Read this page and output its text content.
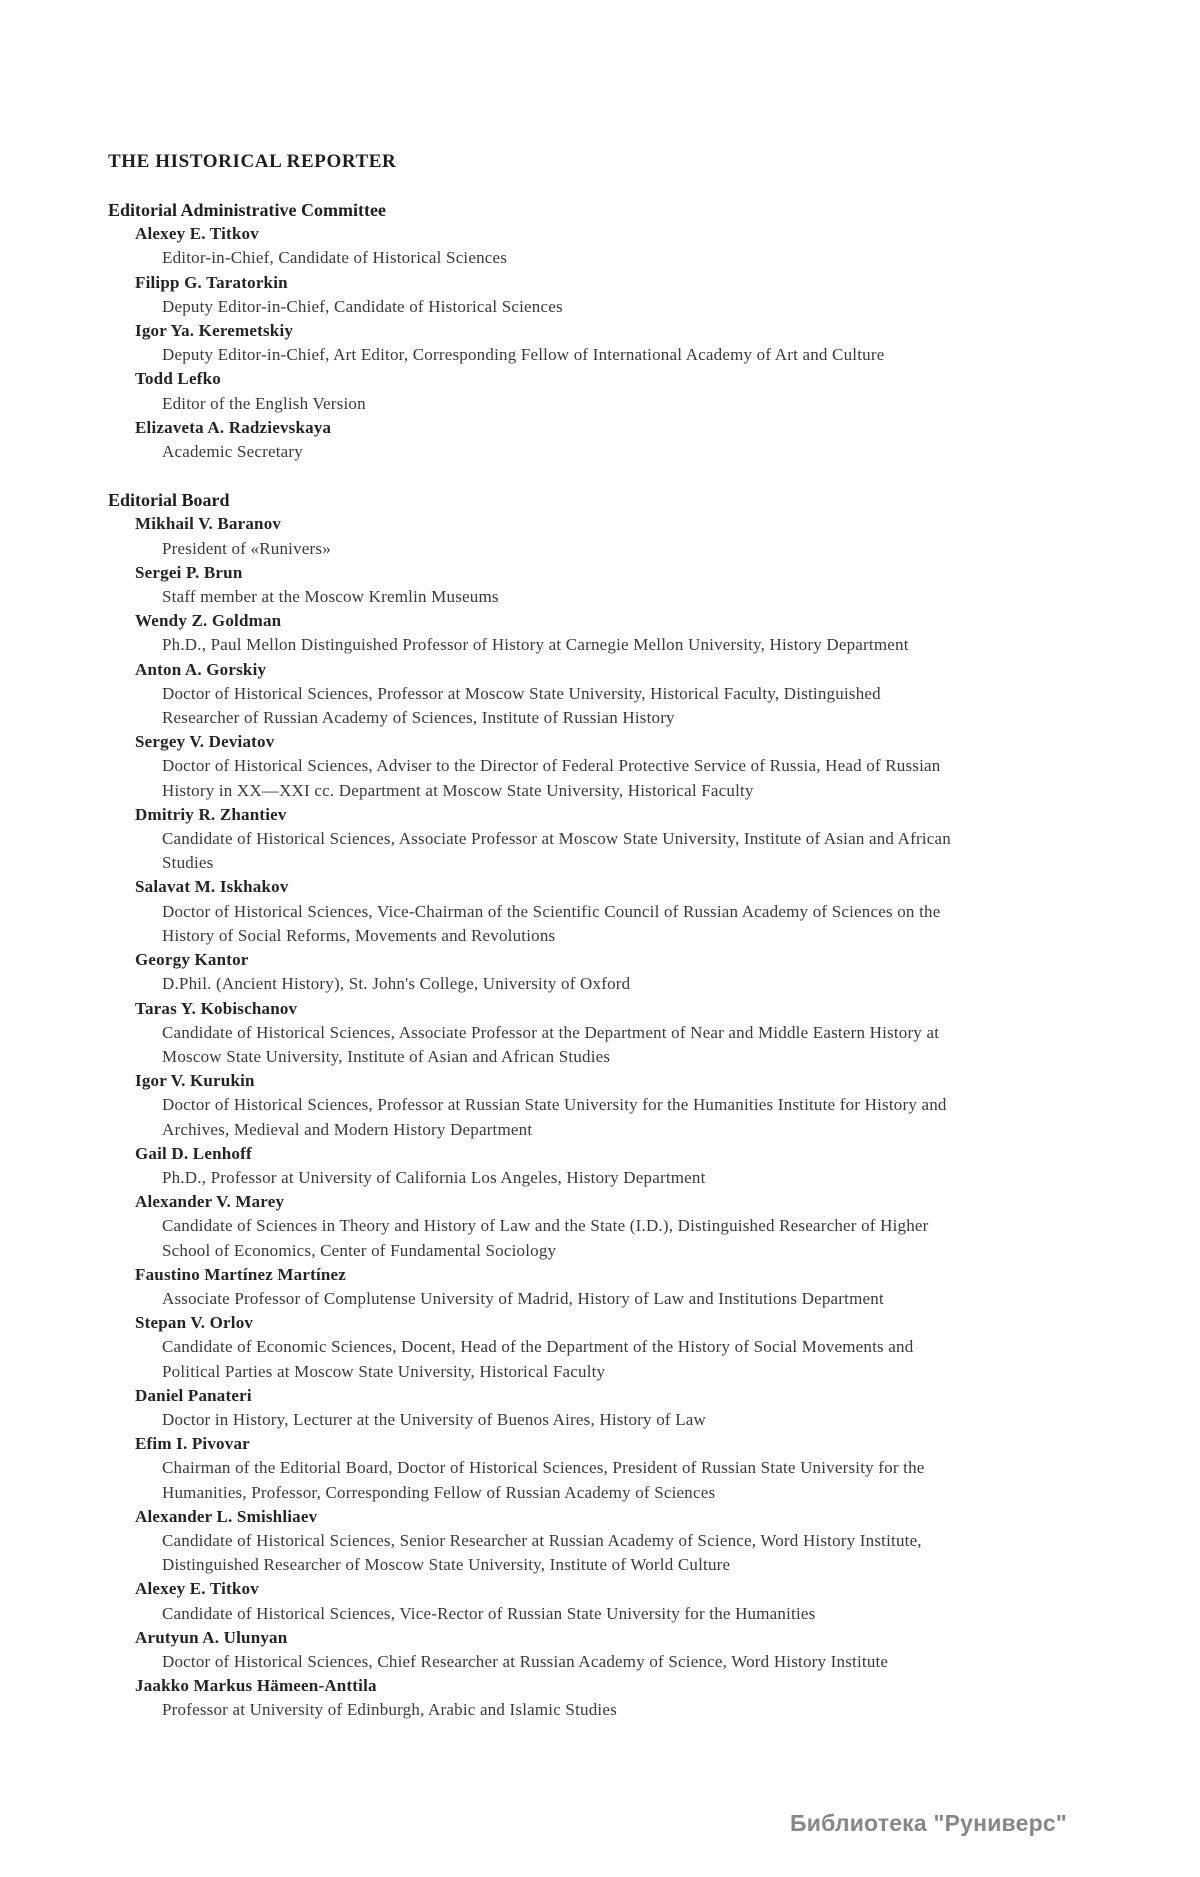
THE HISTORICAL REPORTER
Editorial Administrative Committee
Alexey E. Titkov
Editor-in-Chief, Candidate of Historical Sciences
Filipp G. Taratorkin
Deputy Editor-in-Chief, Candidate of Historical Sciences
Igor Ya. Keremetskiy
Deputy Editor-in-Chief, Art Editor, Corresponding Fellow of International Academy of Art and Culture
Todd Lefko
Editor of the English Version
Elizaveta A. Radzievskaya
Academic Secretary
Editorial Board
Mikhail V. Baranov
President of «Runivers»
Sergei P. Brun
Staff member at the Moscow Kremlin Museums
Wendy Z. Goldman
Ph.D., Paul Mellon Distinguished Professor of History at Carnegie Mellon University, History Department
Anton A. Gorskiy
Doctor of Historical Sciences, Professor at Moscow State University, Historical Faculty, Distinguished Researcher of Russian Academy of Sciences, Institute of Russian History
Sergey V. Deviatov
Doctor of Historical Sciences, Adviser to the Director of Federal Protective Service of Russia, Head of Russian History in XX—XXI cc. Department at Moscow State University, Historical Faculty
Dmitriy R. Zhantiev
Candidate of Historical Sciences, Associate Professor at Moscow State University, Institute of Asian and African Studies
Salavat M. Iskhakov
Doctor of Historical Sciences, Vice-Chairman of the Scientific Council of Russian Academy of Sciences on the History of Social Reforms, Movements and Revolutions
Georgy Kantor
D.Phil. (Ancient History), St. John's College, University of Oxford
Taras Y. Kobischanov
Candidate of Historical Sciences, Associate Professor at the Department of Near and Middle Eastern History at Moscow State University, Institute of Asian and African Studies
Igor V. Kurukin
Doctor of Historical Sciences, Professor at Russian State University for the Humanities Institute for History and Archives, Medieval and Modern History Department
Gail D. Lenhoff
Ph.D., Professor at University of California Los Angeles, History Department
Alexander V. Marey
Candidate of Sciences in Theory and History of Law and the State (I.D.), Distinguished Researcher of Higher School of Economics, Center of Fundamental Sociology
Faustino Martínez Martínez
Associate Professor of Complutense University of Madrid, History of Law and Institutions Department
Stepan V. Orlov
Candidate of Economic Sciences, Docent, Head of the Department of the History of Social Movements and Political Parties at Moscow State University, Historical Faculty
Daniel Panateri
Doctor in History, Lecturer at the University of Buenos Aires, History of Law
Efim I. Pivovar
Chairman of the Editorial Board, Doctor of Historical Sciences, President of Russian State University for the Humanities, Professor, Corresponding Fellow of Russian Academy of Sciences
Alexander L. Smishliaev
Candidate of Historical Sciences, Senior Researcher at Russian Academy of Science, Word History Institute, Distinguished Researcher of Moscow State University, Institute of World Culture
Alexey E. Titkov
Candidate of Historical Sciences, Vice-Rector of Russian State University for the Humanities
Arutyun A. Ulunyan
Doctor of Historical Sciences, Chief Researcher at Russian Academy of Science, Word History Institute
Jaakko Markus Hämeen-Anttila
Professor at University of Edinburgh, Arabic and Islamic Studies
Библиотека "Руниверс"
